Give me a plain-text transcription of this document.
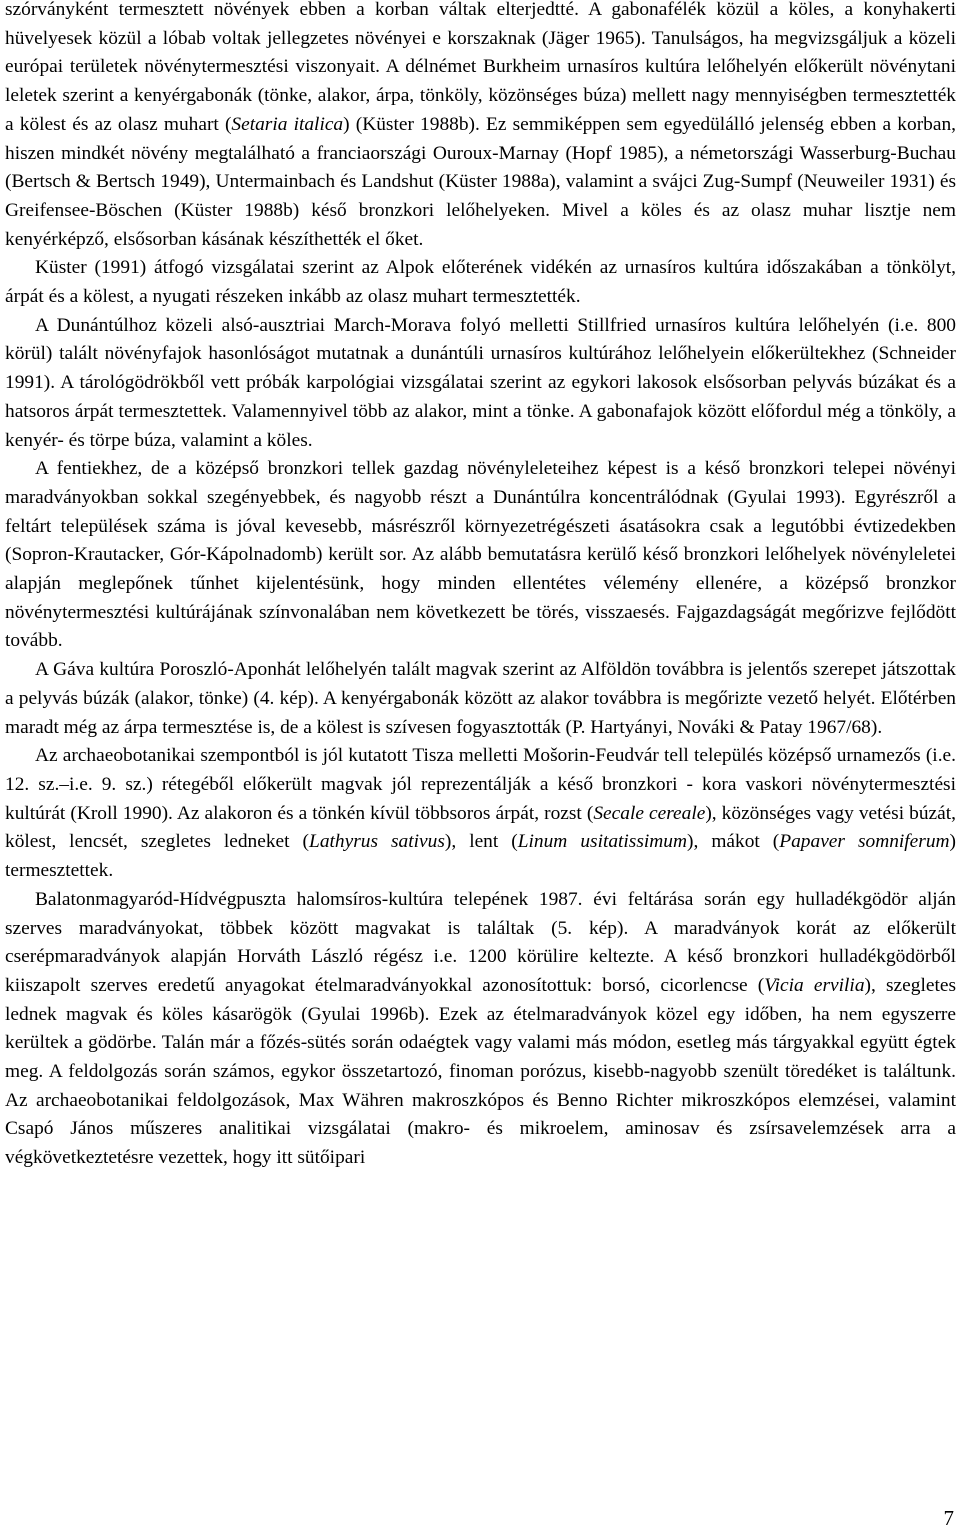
szórványként termesztett növények ebben a korban váltak elterjedtté. A gabonafélék közül a köles, a konyhakerti hüvelyesek közül a lóbab voltak jellegzetes növényei e korszaknak (Jäger 1965). Tanulságos, ha megvizsgáljuk a közeli európai területek növénytermesztési viszonyait. A délnémet Burkheim urnasíros kultúra lelőhelyén előkerült növénytani leletek szerint a kenyérgabonák (tönke, alakor, árpa, tönköly, közönséges búza) mellett nagy mennyiségben termesztették a kölest és az olasz muhart (Setaria italica) (Küster 1988b). Ez semmiképpen sem egyedülálló jelenség ebben a korban, hiszen mindkét növény megtalálható a franciaországi Ouroux-Marnay (Hopf 1985), a németországi Wasserburg-Buchau (Bertsch & Bertsch 1949), Untermainbach és Landshut (Küster 1988a), valamint a svájci Zug-Sumpf (Neuweiler 1931) és Greifensee-Böschen (Küster 1988b) késő bronzkori lelőhelyeken. Mivel a köles és az olasz muhar lisztje nem kenyérképző, elsősorban kásának készíthették el őket.

Küster (1991) átfogó vizsgálatai szerint az Alpok előterének vidékén az urnasíros kultúra időszakában a tönkölyt, árpát és a kölest, a nyugati részeken inkább az olasz muhart termesztették.

A Dunántúlhoz közeli alsó-ausztriai March-Morava folyó melletti Stillfried urnasíros kultúra lelőhelyén (i.e. 800 körül) talált növényfajok hasonlóságot mutatnak a dunántúli urnasíros kultúrához lelőhelyein előkerültekhez (Schneider 1991). A tárológödrökből vett próbák karpológiai vizsgálatai szerint az egykori lakosok elsősorban pelyvás búzákat és a hatsoros árpát termesztettek. Valamennyivel több az alakor, mint a tönke. A gabonafajok között előfordul még a tönköly, a kenyér- és törpe búza, valamint a köles.

A fentiekhez, de a középső bronzkori tellek gazdag növényleleteihez képest is a késő bronzkori telepei növényi maradványokban sokkal szegényebbek, és nagyobb részt a Dunántúlra koncentrálódnak (Gyulai 1993). Egyrészről a feltárt települések száma is jóval kevesebb, másrészről környezetrégészeti ásatásokra csak a legutóbbi évtizedekben (Sopron-Krautacker, Gór-Kápolnadomb) került sor. Az alább bemutatásra kerülő késő bronzkori lelőhelyek növényleletei alapján meglepőnek tűnhet kijelentésünk, hogy minden ellentétes vélemény ellenére, a középső bronzkor növénytermesztési kultúrájának színvonalában nem következett be törés, visszaesés. Fajgazdagságát megőrizve fejlődött tovább.

A Gáva kultúra Poroszló-Aponhát lelőhelyén talált magvak szerint az Alföldön továbbra is jelentős szerepet játszottak a pelyvás búzák (alakor, tönke) (4. kép). A kenyérgabonák között az alakor továbbra is megőrizte vezető helyét. Előtérben maradt még az árpa termesztése is, de a kölest is szívesen fogyasztották (P. Hartyányi, Nováki & Patay 1967/68).

Az archaeobotanikai szempontból is jól kutatott Tisza melletti Mošorin-Feudvár tell település középső urnamezős (i.e. 12. sz.–i.e. 9. sz.) rétegéből előkerült magvak jól reprezentálják a késő bronzkori - kora vaskori növénytermesztési kultúrát (Kroll 1990). Az alakoron és a tönkén kívül többsoros árpát, rozst (Secale cereale), közönséges vagy vetési búzát, kölest, lencsét, szegletes ledneket (Lathyrus sativus), lent (Linum usitatissimum), mákot (Papaver somniferum) termesztettek.

Balatonmagyaród-Hídvégpuszta halomsíros-kultúra telepének 1987. évi feltárása során egy hulladékgödör alján szerves maradványokat, többek között magvakat is találtak (5. kép). A maradványok korát az előkerült cserépmaradványok alapján Horváth László régész i.e. 1200 körülire keltezte. A késő bronzkori hulladékgödörből kiiszapolt szerves eredetű anyagokat ételmaradványokkal azonosítottuk: borsó, cicorlencse (Vicia ervilia), szegletes lednek magvak és köles kásarögök (Gyulai 1996b). Ezek az ételmaradványok közel egy időben, ha nem egyszerre kerültek a gödörbe. Talán már a főzés-sütés során odaégtek vagy valami más módon, esetleg más tárgyakkal együtt égtek meg. A feldolgozás során számos, egykor összetartozó, finoman porózus, kisebb-nagyobb szenült töredéket is találtunk. Az archaeobotanikai feldolgozások, Max Währen makroszkópos és Benno Richter mikroszkópos elemzései, valamint Csapó János műszeres analitikai vizsgálatai (makro- és mikroelem, aminosav és zsírsavelemzések arra a végkövetkeztetésre vezettek, hogy itt sütőipari

7
